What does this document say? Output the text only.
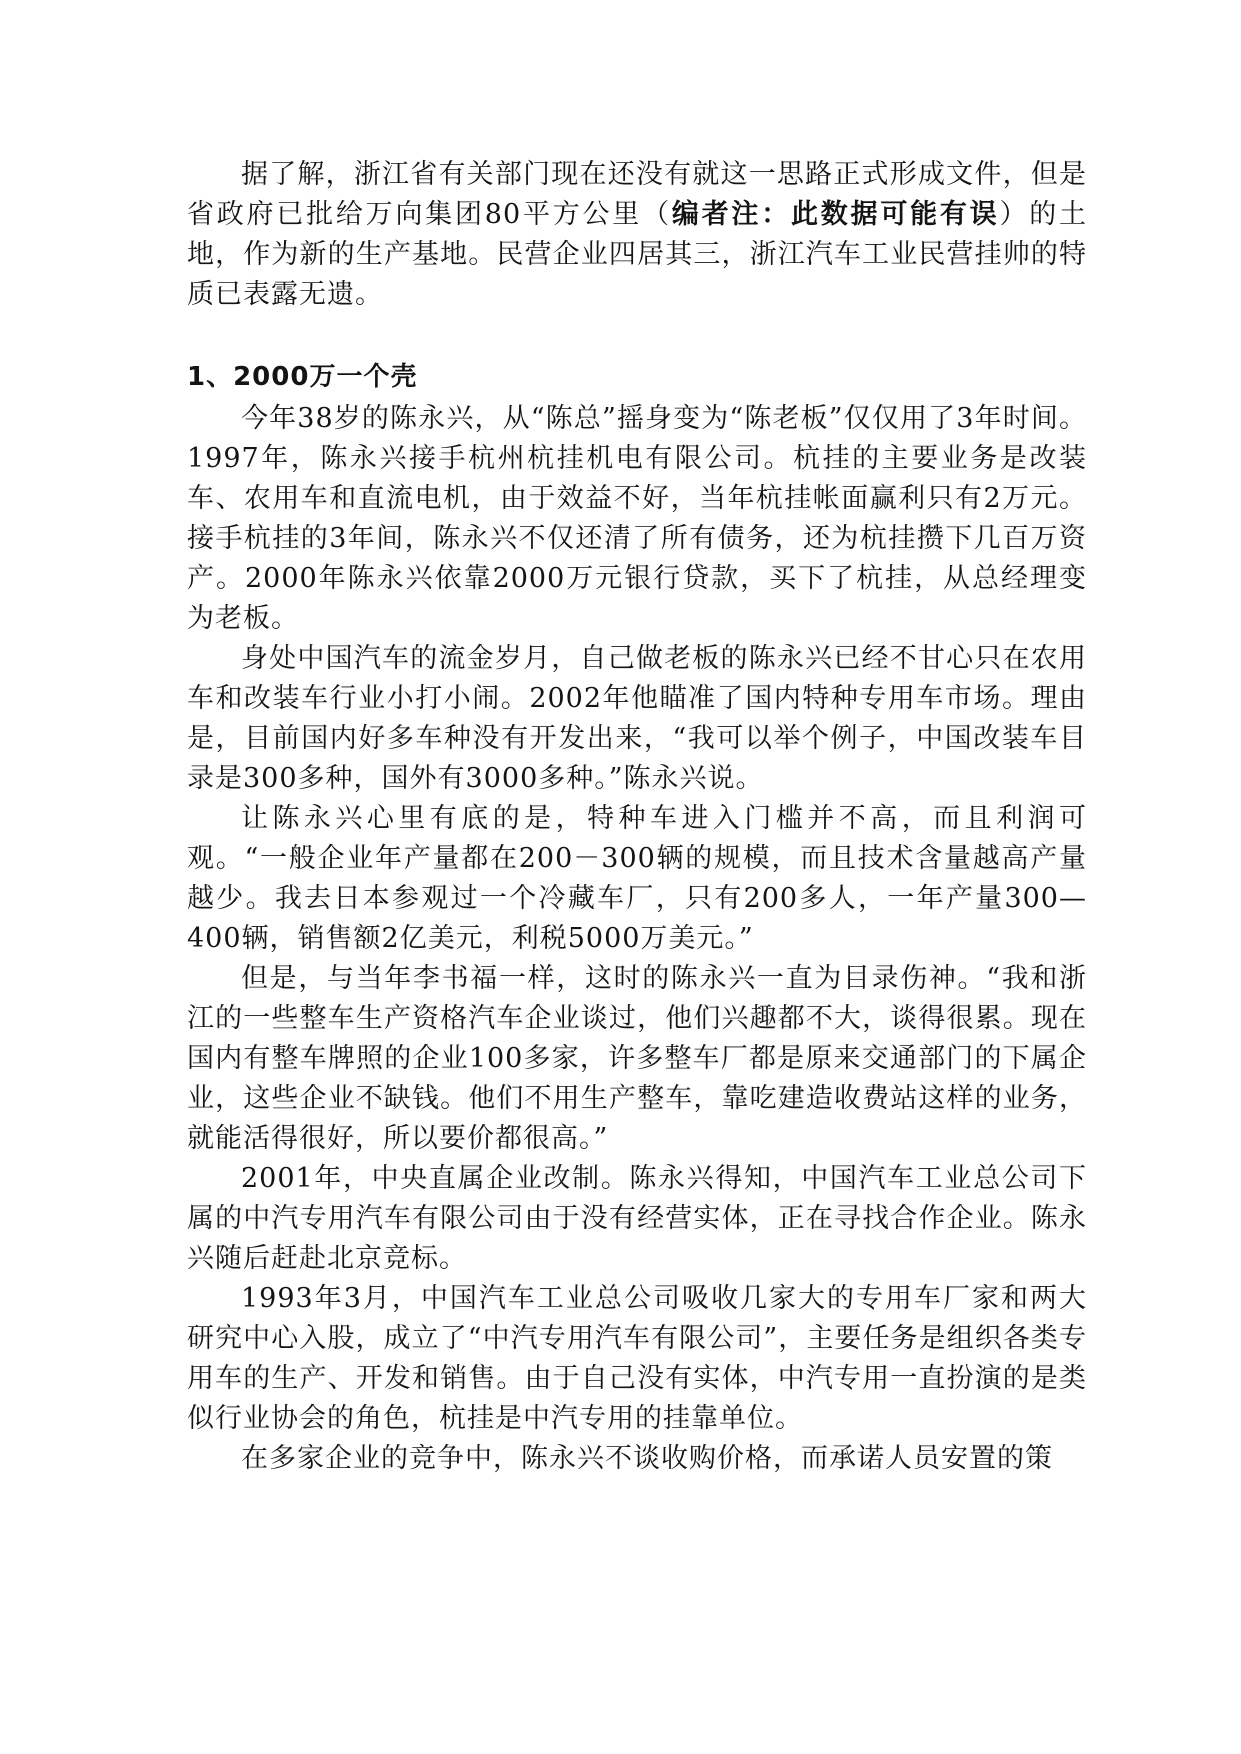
据了解，浙江省有关部门现在还没有就这一思路正式形成文件，但是省政府已批给万向集团80平方公里（编者注：此数据可能有误）的土地，作为新的生产基地。民营企业四居其三，浙江汽车工业民营挂帅的特质已表露无遗。

1、2000万一个壳

今年38岁的陈永兴，从“陈总”摇身变为“陈老板”仅仅用了3年时间。1997年，陈永兴接手杭州杭挂机电有限公司。杭挂的主要业务是改装车、农用车和直流电机，由于效益不好，当年杭挂帐面赢利只有2万元。接手杭挂的3年间，陈永兴不仅还清了所有债务，还为杭挂攒下几百万资产。2000年陈永兴依靠2000万元银行贷款，买下了杭挂，从总经理变为老板。

身处中国汽车的流金岁月，自己做老板的陈永兴已经不甘心只在农用车和改装车行业小打小闹。2002年他瞄准了国内特种专用车市场。理由是，目前国内好多车种没有开发出来，“我可以举个例子，中国改装车目录是300多种，国外有3000多种。”陈永兴说。

让陈永兴心里有底的是，特种车进入门槛并不高，而且利润可观。“一般企业年产量都在200－300辆的规模，而且技术含量越高产量越少。我去日本参观过一个冷藏车厂，只有200多人，一年产量300—400辆，销售额2亿美元，利税5000万美元。”

但是，与当年李书福一样，这时的陈永兴一直为目录伤神。“我和浙江的一些整车生产资格汽车企业谈过，他们兴趣都不大，谈得很累。现在国内有整车牌照的企业100多家，许多整车厂都是原来交通部门的下属企业，这些企业不缺钱。他们不用生产整车，靠吃建造收费站这样的业务，就能活得很好，所以要价都很高。”

2001年，中央直属企业改制。陈永兴得知，中国汽车工业总公司下属的中汽专用汽车有限公司由于没有经营实体，正在寻找合作企业。陈永兴随后赶赴北京竞标。

1993年3月，中国汽车工业总公司吸收几家大的专用车厂家和两大研究中心入股，成立了“中汽专用汽车有限公司”，主要任务是组织各类专用车的生产、开发和销售。由于自己没有实体，中汽专用一直扮演的是类似行业协会的角色，杭挂是中汽专用的挂靠单位。

在多家企业的竞争中，陈永兴不谈收购价格，而承诺人员安置的策
